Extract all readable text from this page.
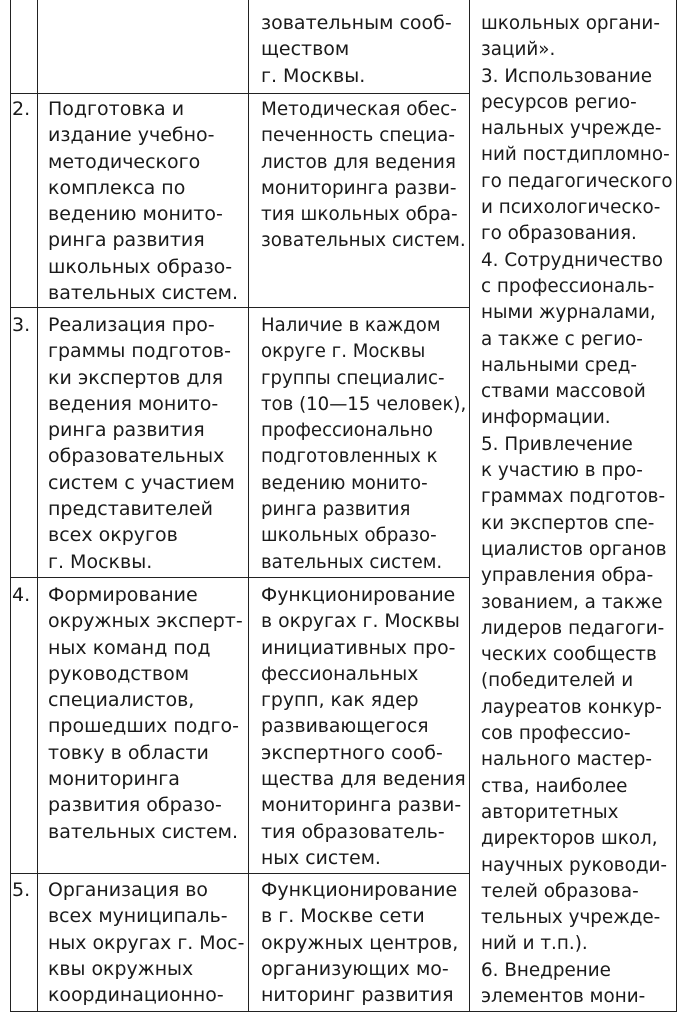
зовательным сооб-
ществом
г. Москвы.
2. Подготовка и
издание учебно-
методического
комплекса по
ведению монито-
ринга развития
школьных образо-
вательных систем.
Методическая обес-
печенность специа-
листов для ведения
мониторинга разви-
тия школьных обра-
зовательных систем.
3. Реализация про-
граммы подготов-
ки экспертов для
ведения монито-
ринга развития
образовательных
систем с участием
представителей
всех округов
г. Москвы.
Наличие в каждом
округе г. Москвы
группы специалис-
тов (10—15 человек),
профессионально
подготовленных к
ведению монито-
ринга развития
школьных образо-
вательных систем.
4. Формирование
окружных эксперт-
ных команд под
руководством
специалистов,
прошедших подго-
товку в области
мониторинга
развития образо-
вательных систем.
Функционирование
в округах г. Москвы
инициативных про-
фессиональных
групп, как ядер
развивающегося
экспертного сооб-
щества для ведения
мониторинга разви-
тия образователь-
ных систем.
5. Организация во
всех муниципаль-
ных округах г. Мос-
квы окружных
координационно-
Функционирование
в г. Москве сети
окружных центров,
организующих мо-
ниторинг развития
школьных органи-
заций».
3. Использование
ресурсов регио-
нальных учрежде-
ний постдипломно-
го педагогического
и психологическо-
го образования.
4. Сотрудничество
с профессиональ-
ными журналами,
а также с регио-
нальными сред-
ствами массовой
информации.
5. Привлечение
к участию в про-
граммах подготов-
ки экспертов спе-
циалистов органов
управления обра-
зованием, а также
лидеров педагоги-
ческих сообществ
(победителей и
лауреатов конкур-
сов профессио-
нального мастер-
ства, наиболее
авторитетных
директоров школ,
научных руководи-
телей образова-
тельных учрежде-
ний и т.п.).
6. Внедрение
элементов мони-
